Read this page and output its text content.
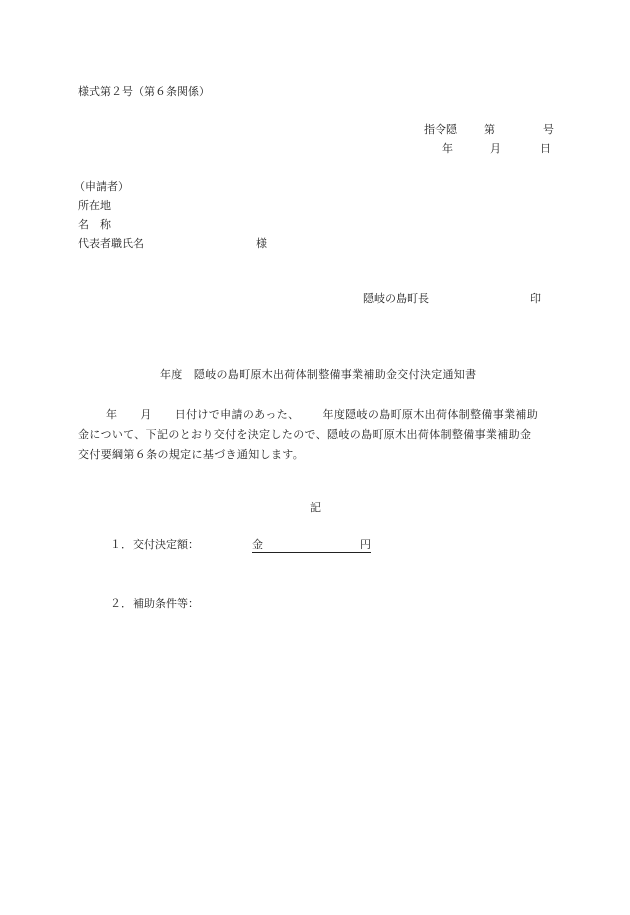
様式第２号（第６条関係）
指令隠 第	号
年	月	日
（申請者）
所在地
名　称
代表者職氏名	様
隠岐の島町長	印
年度　隠岐の島町原木出荷体制整備事業補助金交付決定通知書
年 月 日付けで申請のあった、 年度隠岐の島町原木出荷体制整備事業補助
金について、下記のとおり交付を決定したので、隠岐の島町原木出荷体制整備事業補助金
交付要綱第６条の規定に基づき通知します。
記
１． 交付決定額：	金	円
２． 補助条件等：
